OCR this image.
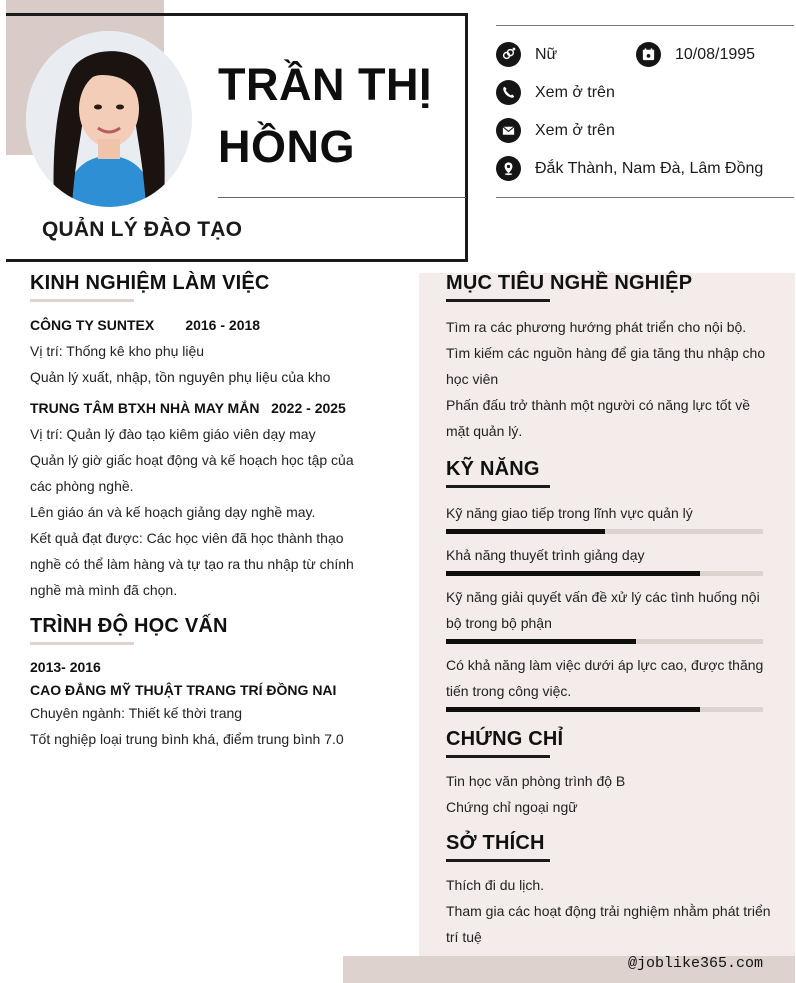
TRẦN THỊ
HỒNG
QUẢN LÝ ĐÀO TẠO
Nữ	10/08/1995
Xem ở trên
Xem ở trên
Đắk Thành, Nam Đà, Lâm Đồng
KINH NGHIỆM LÀM VIỆC
CÔNG TY SUNTEX        2016 - 2018
Vị trí: Thống kê kho phụ liệu
Quản lý xuất, nhập, tồn nguyên phụ liệu của kho
TRUNG TÂM BTXH NHÀ MAY MẮN   2022 - 2025
Vị trí: Quản lý đào tạo kiêm giáo viên dạy may
Quản lý giờ giấc hoạt động và kế hoạch học tập của các phòng nghề.
Lên giáo án và kế hoạch giảng dạy nghề may.
Kết quả đạt được: Các học viên đã học thành thạo nghề có thể làm hàng và tự tạo ra thu nhập từ chính nghề mà mình đã chọn.
TRÌNH ĐỘ HỌC VẤN
2013- 2016
CAO ĐẲNG MỸ THUẬT TRANG TRÍ ĐỒNG NAI
Chuyên ngành: Thiết kế thời trang
Tốt nghiệp loại trung bình khá, điểm trung bình 7.0
MỤC TIÊU NGHỀ NGHIỆP
Tìm ra các phương hướng phát triển cho nội bộ.
Tìm kiếm các nguồn hàng để gia tăng thu nhập cho học viên
Phấn đấu trở thành một người có năng lực tốt về mặt quản lý.
KỸ NĂNG
Kỹ năng giao tiếp trong lĩnh vực quản lý
Khả năng thuyết trình giảng dạy
Kỹ năng giải quyết vấn đề xử lý các tình huống nội bộ trong bộ phận
Có khả năng làm việc dưới áp lực cao, được thăng tiến trong công việc.
CHỨNG CHỈ
Tin học văn phòng trình độ B
Chứng chỉ ngoại ngữ
SỞ THÍCH
Thích đi du lịch.
Tham gia các hoạt động trải nghiệm nhằm phát triển trí tuệ
@joblike365.com
